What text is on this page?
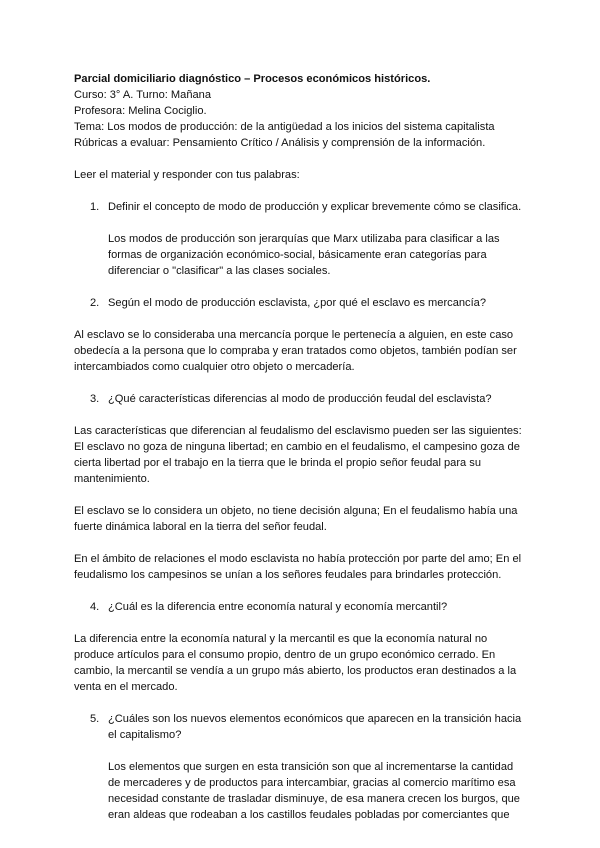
Parcial domiciliario diagnóstico – Procesos económicos históricos.
Curso: 3° A. Turno: Mañana
Profesora: Melina Cociglio.
Tema: Los modos de producción: de la antigüedad a los inicios del sistema capitalista
Rúbricas a evaluar: Pensamiento Crítico / Análisis y comprensión de la información.
Leer el material y responder con tus palabras:
1. Definir el concepto de modo de producción y explicar brevemente cómo se clasifica.
Los modos de producción son jerarquías que Marx utilizaba para clasificar a las
formas de organización económico-social, básicamente eran categorías para
diferenciar o "clasificar" a las clases sociales.
2. Según el modo de producción esclavista, ¿por qué el esclavo es mercancía?
Al esclavo se lo consideraba una mercancía porque le pertenecía a alguien, en este caso
obedecía a la persona que lo compraba y eran tratados como objetos, también podían ser
intercambiados como cualquier otro objeto o mercadería.
3. ¿Qué características diferencias al modo de producción feudal del esclavista?
Las características que diferencian al feudalismo del esclavismo pueden ser las siguientes:
El esclavo no goza de ninguna libertad; en cambio en el feudalismo, el campesino goza de
cierta libertad por el trabajo en la tierra que le brinda el propio señor feudal para su
mantenimiento.
El esclavo se lo considera un objeto, no tiene decisión alguna; En el feudalismo había una
fuerte dinámica laboral en la tierra del señor feudal.
En el ámbito de relaciones el modo esclavista no había protección por parte del amo; En el
feudalismo los campesinos se unían a los señores feudales para brindarles protección.
4. ¿Cuál es la diferencia entre economía natural y economía mercantil?
La diferencia entre la economía natural y la mercantil es que la economía natural no
produce artículos para el consumo propio, dentro de un grupo económico cerrado. En
cambio, la mercantil se vendía a un grupo más abierto, los productos eran destinados a la
venta en el mercado.
5. ¿Cuáles son los nuevos elementos económicos que aparecen en la transición hacia
el capitalismo?
Los elementos que surgen en esta transición son que al incrementarse la cantidad
de mercaderes y de productos para intercambiar, gracias al comercio marítimo esa
necesidad constante de trasladar disminuye, de esa manera crecen los burgos, que
eran aldeas que rodeaban a los castillos feudales pobladas por comerciantes que
